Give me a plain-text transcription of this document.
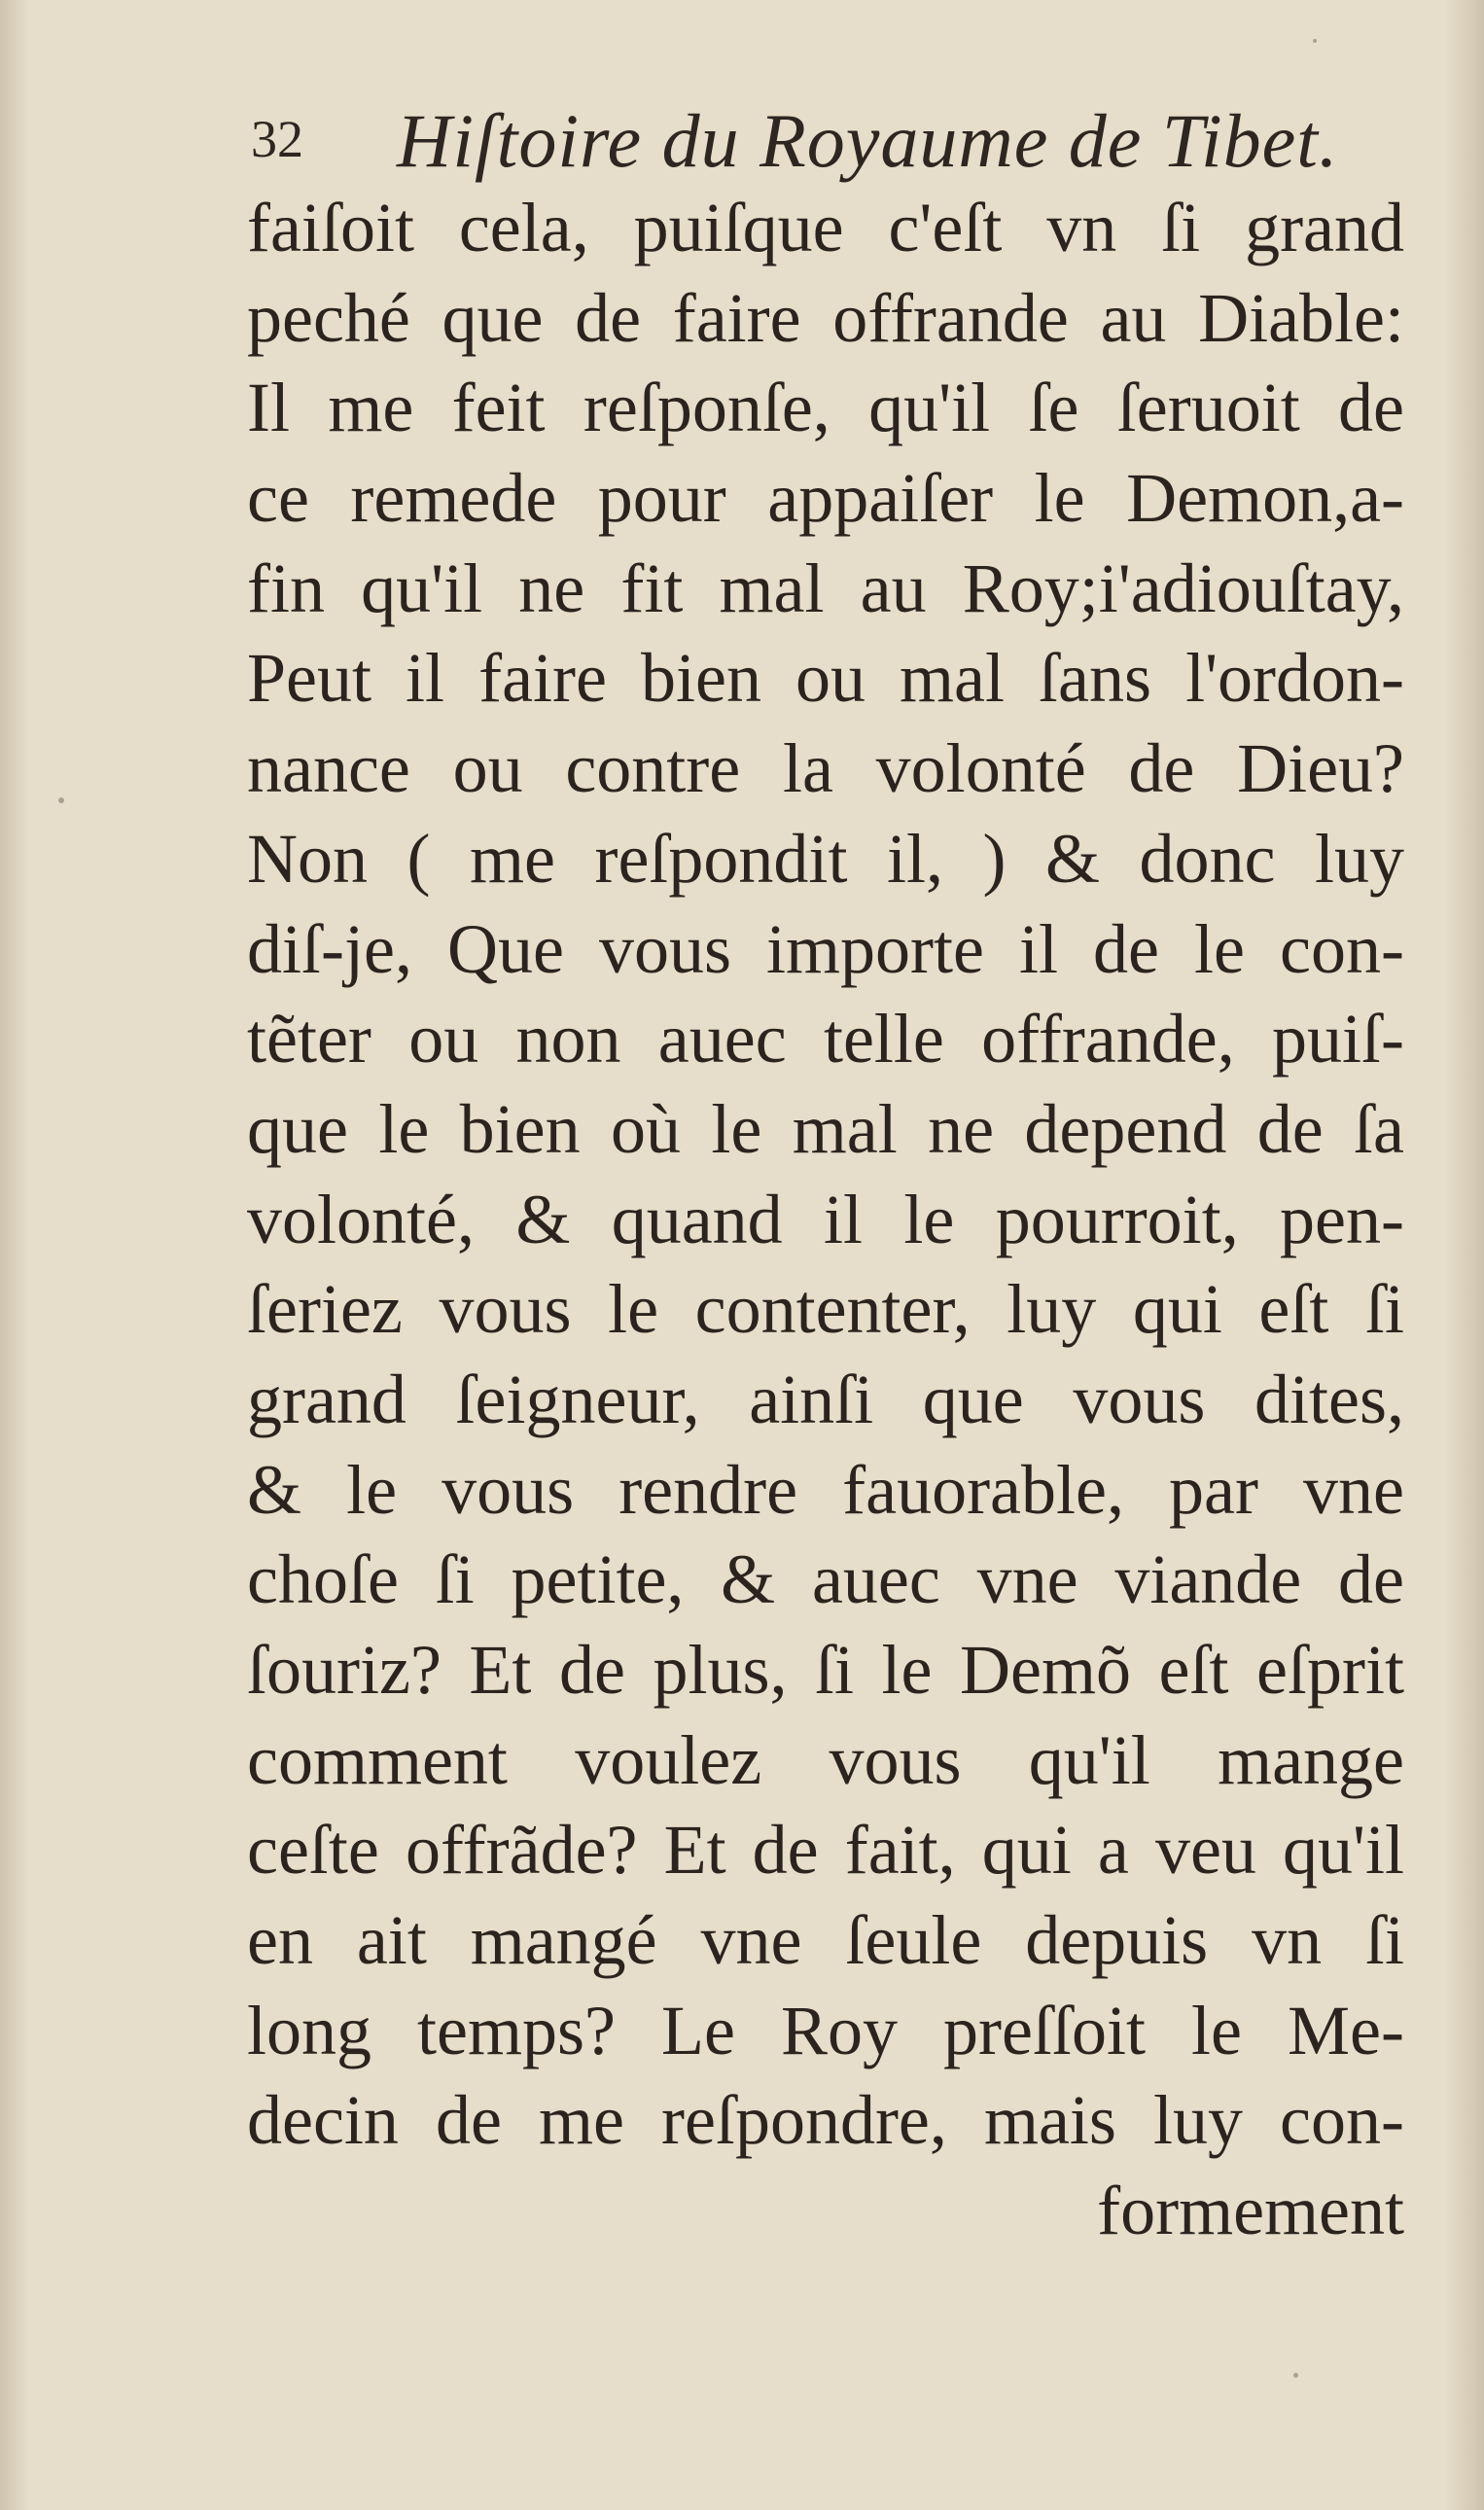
32 Hiſtoire du Royaume de Tibet.
faiſoit cela, puiſque c'eſt vn ſi grand
peché que de faire offrande au Diable:
Il me feit reſponſe, qu'il ſe ſeruoit de
ce remede pour appaiſer le Demon,a-
fin qu'il ne fit mal au Roy;i'adiouſtay,
Peut il faire bien ou mal ſans l'ordon-
nance ou contre la volonté de Dieu?
Non ( me reſpondit il, ) & donc luy
diſ-je, Que vous importe il de le con-
tẽter ou non auec telle offrande, puiſ-
que le bien où le mal ne depend de ſa
volonté, & quand il le pourroit, pen-
ſeriez vous le contenter, luy qui eſt ſi
grand ſeigneur, ainſi que vous dites,
& le vous rendre fauorable, par vne
choſe ſi petite, & auec vne viande de
ſouriz? Et de plus, ſi le Demõ eſt eſprit
comment voulez vous qu'il mange
ceſte offrãde? Et de fait, qui a veu qu'il
en ait mangé vne ſeule depuis vn ſi
long temps? Le Roy preſſoit le Me-
decin de me reſpondre, mais luy con-
formement
